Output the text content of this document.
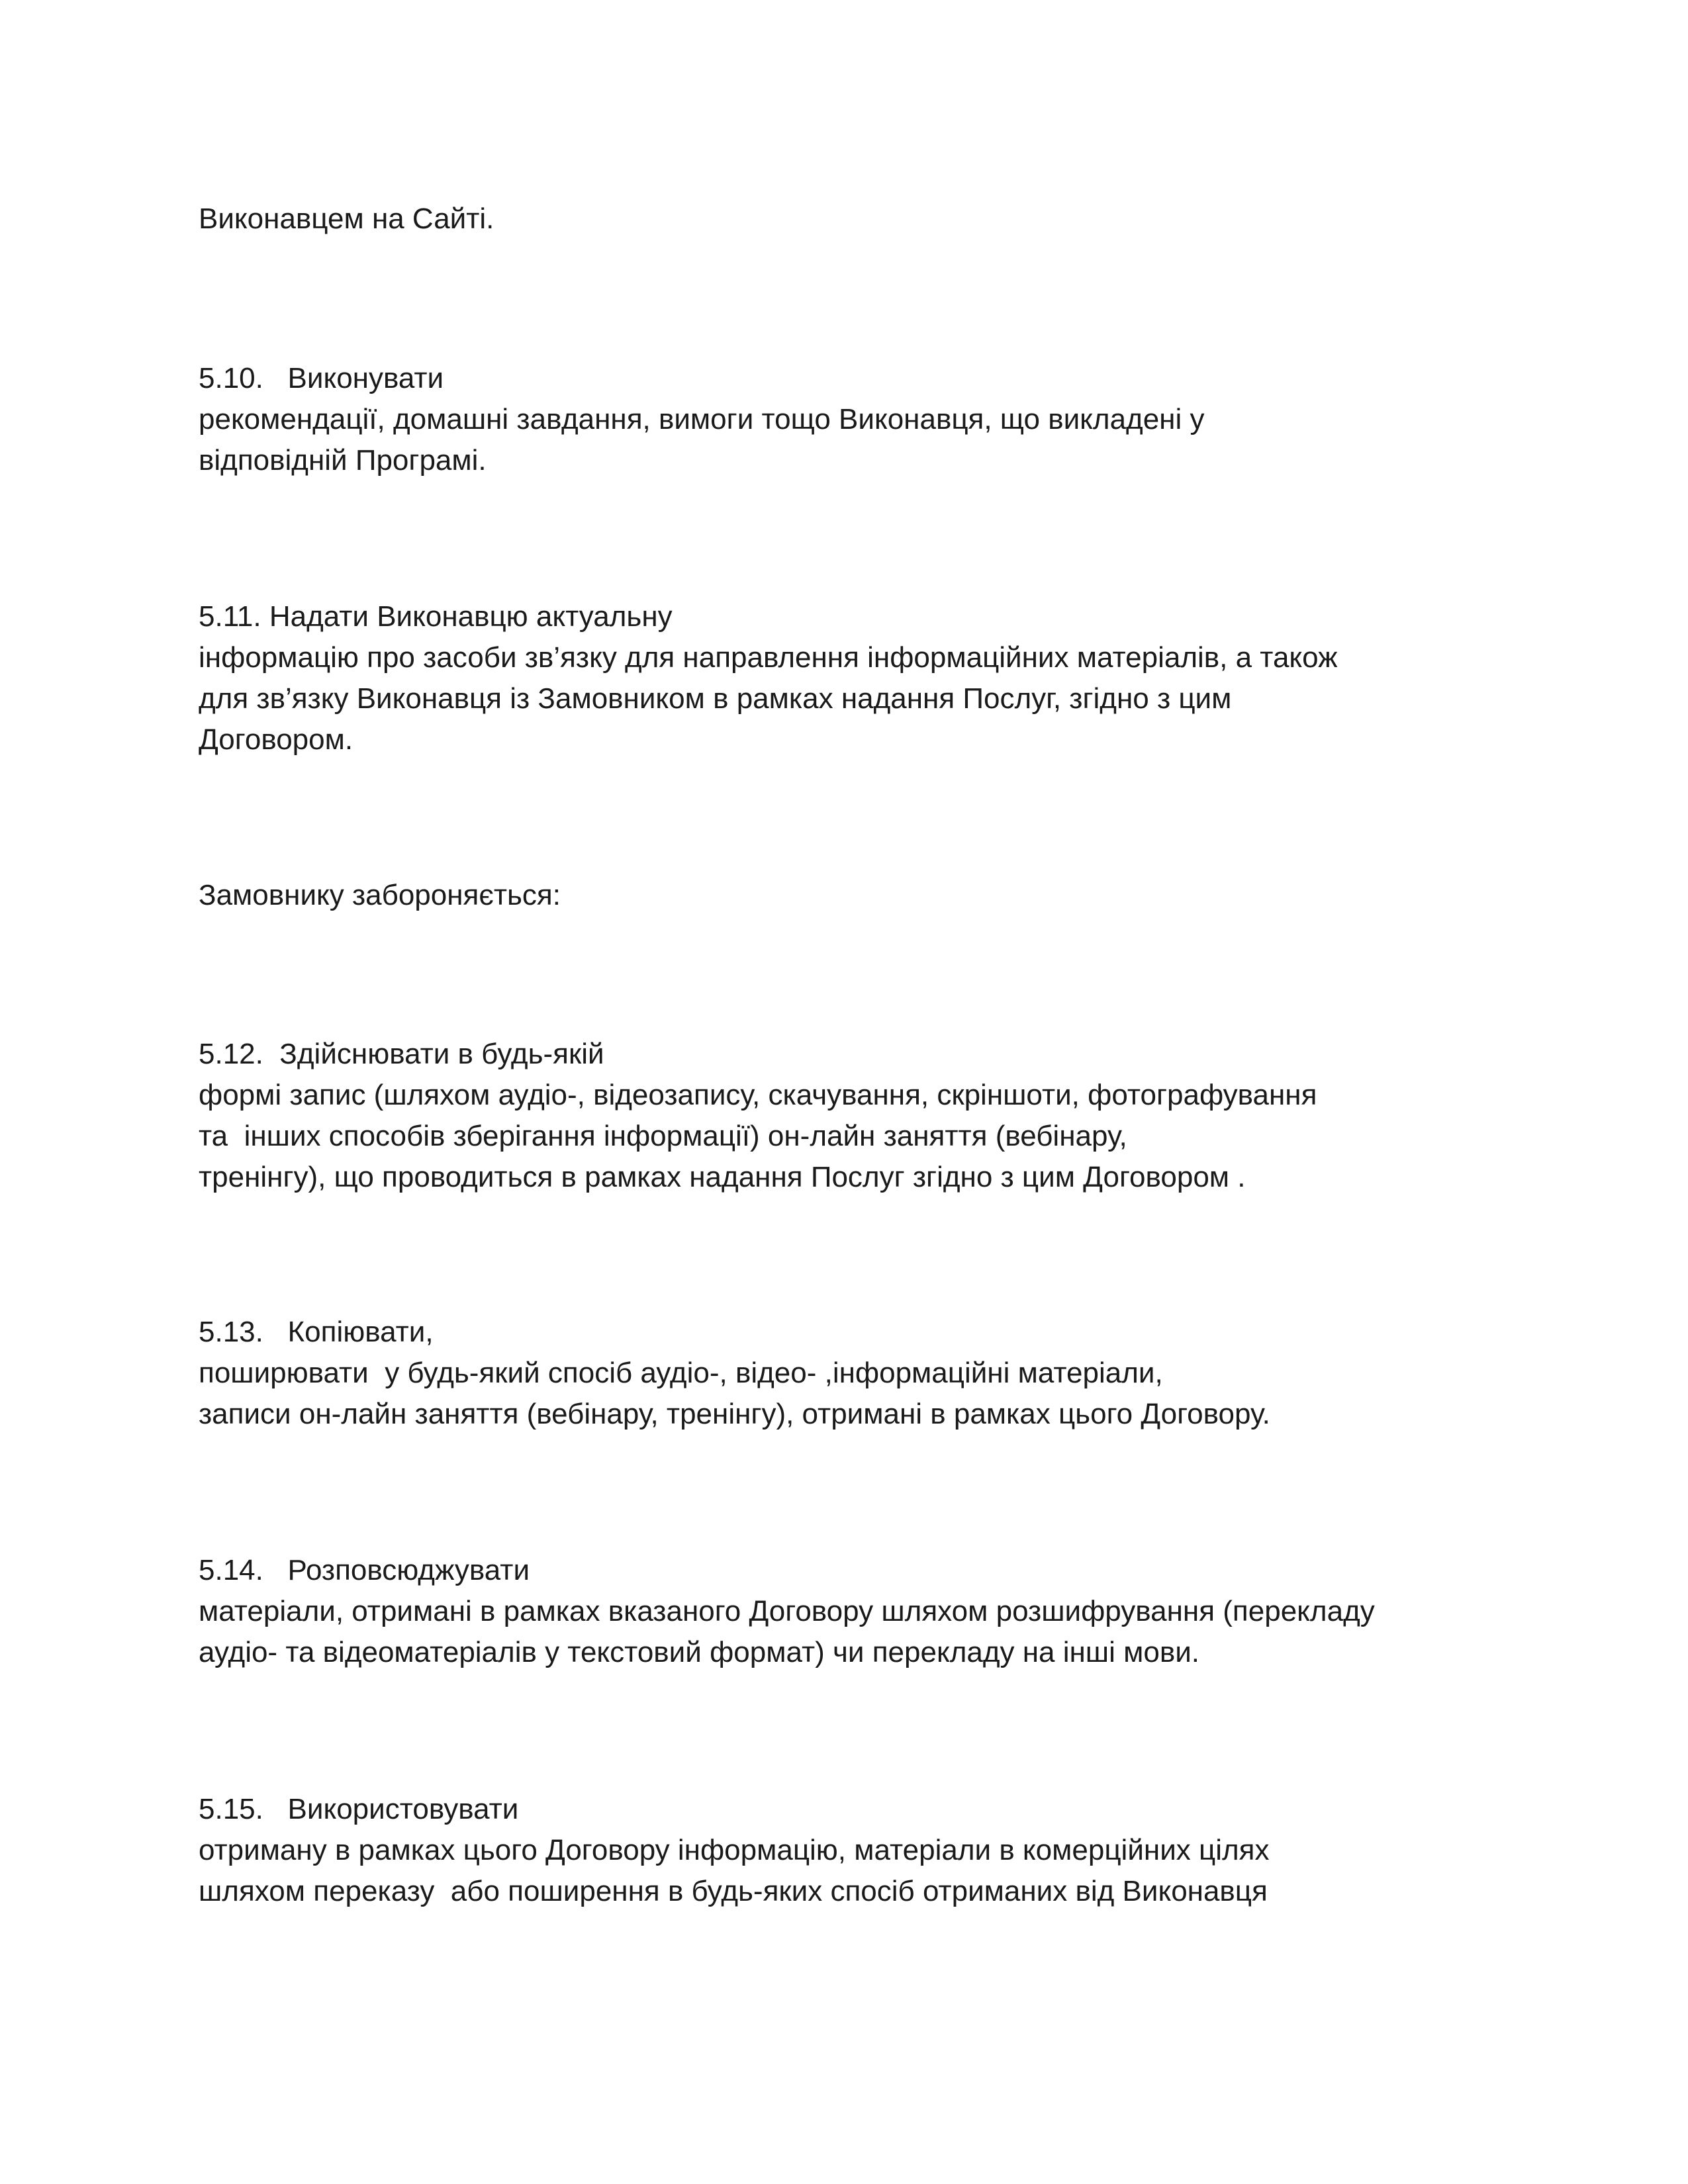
Виконавцем на Сайті.
5.10.   Виконувати
рекомендації, домашні завдання, вимоги тощо Виконавця, що викладені у
відповідній Програмі.
5.11. Надати Виконавцю актуальну
інформацію про засоби зв’язку для направлення інформаційних матеріалів, а також
для зв’язку Виконавця із Замовником в рамках надання Послуг, згідно з цим
Договором.
Замовнику забороняється:
5.12.  Здійснювати в будь-якій
формі запис (шляхом аудіо-, відеозапису, скачування, скріншоти, фотографування
та  інших способів зберігання інформації) он-лайн заняття (вебінару,
тренінгу), що проводиться в рамках надання Послуг згідно з цим Договором .
5.13.   Копіювати,
поширювати  у будь-який спосіб аудіо-, відео- ,інформаційні матеріали,
записи он-лайн заняття (вебінару, тренінгу), отримані в рамках цього Договору.
5.14.   Розповсюджувати
матеріали, отримані в рамках вказаного Договору шляхом розшифрування (перекладу
аудіо- та відеоматеріалів у текстовий формат) чи перекладу на інші мови.
5.15.   Використовувати
отриману в рамках цього Договору інформацію, матеріали в комерційних цілях
шляхом переказу  або поширення в будь-яких спосіб отриманих від Виконавця
